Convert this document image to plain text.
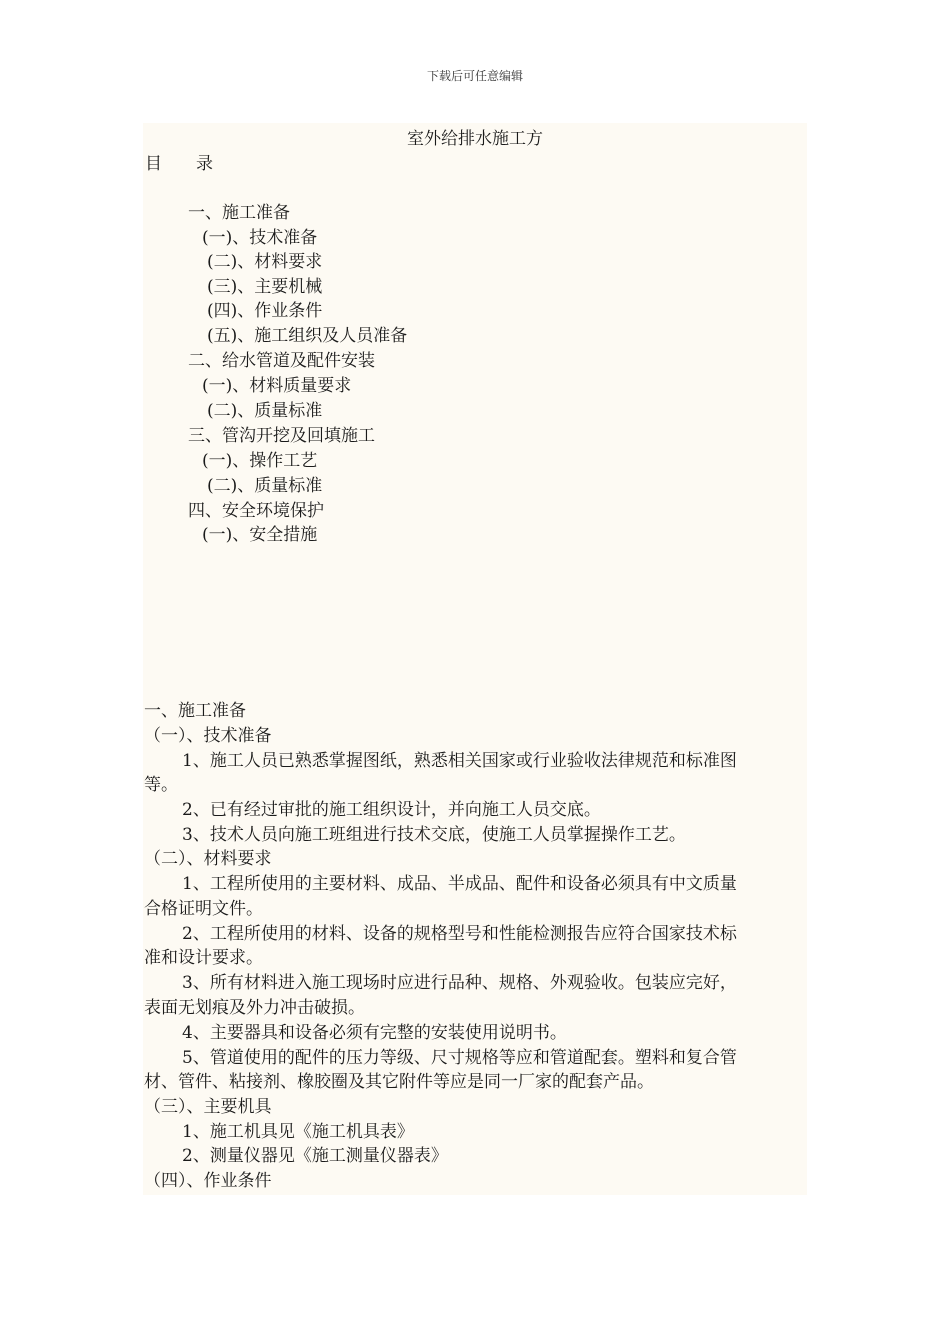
下载后可任意编辑
室外给排水施工方
目　　录
一、施工准备
(一)、技术准备
(二)、材料要求
(三)、主要机械
(四)、作业条件
(五)、施工组织及人员准备
二、给水管道及配件安装
(一)、材料质量要求
(二)、质量标准
三、管沟开挖及回填施工
(一)、操作工艺
(二)、质量标准
四、安全环境保护
(一)、安全措施
一、施工准备
（一）、技术准备
1、施工人员已熟悉掌握图纸，熟悉相关国家或行业验收法律规范和标准图
等。
2、已有经过审批的施工组织设计，并向施工人员交底。
3、技术人员向施工班组进行技术交底，使施工人员掌握操作工艺。
（二）、材料要求
1、工程所使用的主要材料、成品、半成品、配件和设备必须具有中文质量
合格证明文件。
2、工程所使用的材料、设备的规格型号和性能检测报告应符合国家技术标
准和设计要求。
3、所有材料进入施工现场时应进行品种、规格、外观验收。包装应完好，
表面无划痕及外力冲击破损。
4、主要器具和设备必须有完整的安装使用说明书。
5、管道使用的配件的压力等级、尺寸规格等应和管道配套。塑料和复合管
材、管件、粘接剂、橡胶圈及其它附件等应是同一厂家的配套产品。
（三）、主要机具
1、施工机具见《施工机具表》
2、测量仪器见《施工测量仪器表》
（四）、作业条件
